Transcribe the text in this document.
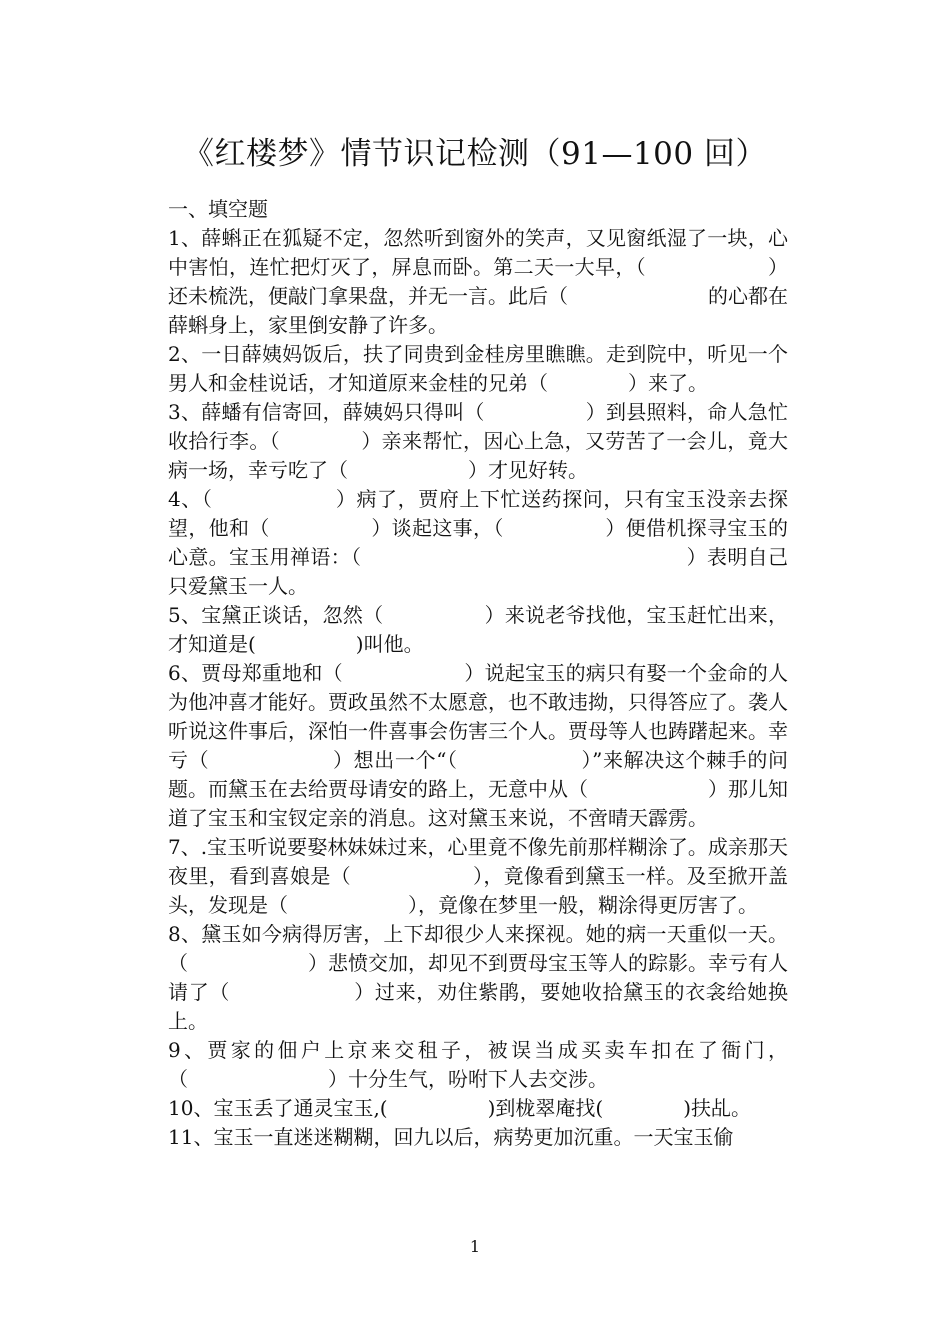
《红楼梦》情节识记检测（91—100 回）

一、填空题

1、薛蝌正在狐疑不定，忽然听到窗外的笑声，又见窗纸湿了一块，心中害怕，连忙把灯灭了，屏息而卧。第二天一大早，（　　　　　　）还未梳洗，便敲门拿果盘，并无一言。此后（　　　　　　　的心都在薛蝌身上，家里倒安静了许多。

2、一日薛姨妈饭后，扶了同贵到金桂房里瞧瞧。走到院中，听见一个男人和金桂说话，才知道原来金桂的兄弟（　　　　）来了。

3、薛蟠有信寄回，薛姨妈只得叫（　　　　　）到县照料，命人急忙收拾行李。（　　　　）亲来帮忙，因心上急，又劳苦了一会儿，竟大病一场，幸亏吃了（　　　　　　）才见好转。

4、（　　　　　　）病了，贾府上下忙送药探问，只有宝玉没亲去探望，他和（　　　　　）谈起这事，（　　　　　）便借机探寻宝玉的心意。宝玉用禅语：（　　　　　　　　　　　　　　　　）表明自己只爱黛玉一人。

5、宝黛正谈话，忽然（　　　　　）来说老爷找他，宝玉赶忙出来，才知道是(　　　　　)叫他。

6、贾母郑重地和（　　　　　　）说起宝玉的病只有娶一个金命的人为他冲喜才能好。贾政虽然不太愿意，也不敢违拗，只得答应了。袭人听说这件事后，深怕一件喜事会伤害三个人。贾母等人也踌躇起来。幸亏（　　　　　　）想出一个“（　　　　　　）”来解决这个棘手的问题。而黛玉在去给贾母请安的路上，无意中从（　　　　　　）那儿知道了宝玉和宝钗定亲的消息。这对黛玉来说，不啻晴天霹雳。

7、.宝玉听说要娶林妹妹过来，心里竟不像先前那样糊涂了。成亲那天夜里，看到喜娘是（　　　　　　），竟像看到黛玉一样。及至掀开盖头，发现是（　　　　　　），竟像在梦里一般，糊涂得更厉害了。

8、黛玉如今病得厉害，上下却很少人来探视。她的病一天重似一天。（　　　　　　）悲愤交加，却见不到贾母宝玉等人的踪影。幸亏有人请了（　　　　　　）过来，劝住紫鹃，要她收拾黛玉的衣衾给她换上。

9、贾家的佃户上京来交租子，被误当成买卖车扣在了衙门，（　　　　　　　）十分生气，吩咐下人去交涉。

10、宝玉丢了通灵宝玉,(　　　　　)到栊翠庵找(　　　　)扶乩。

11、宝玉一直迷迷糊糊，回九以后，病势更加沉重。一天宝玉偷

1
